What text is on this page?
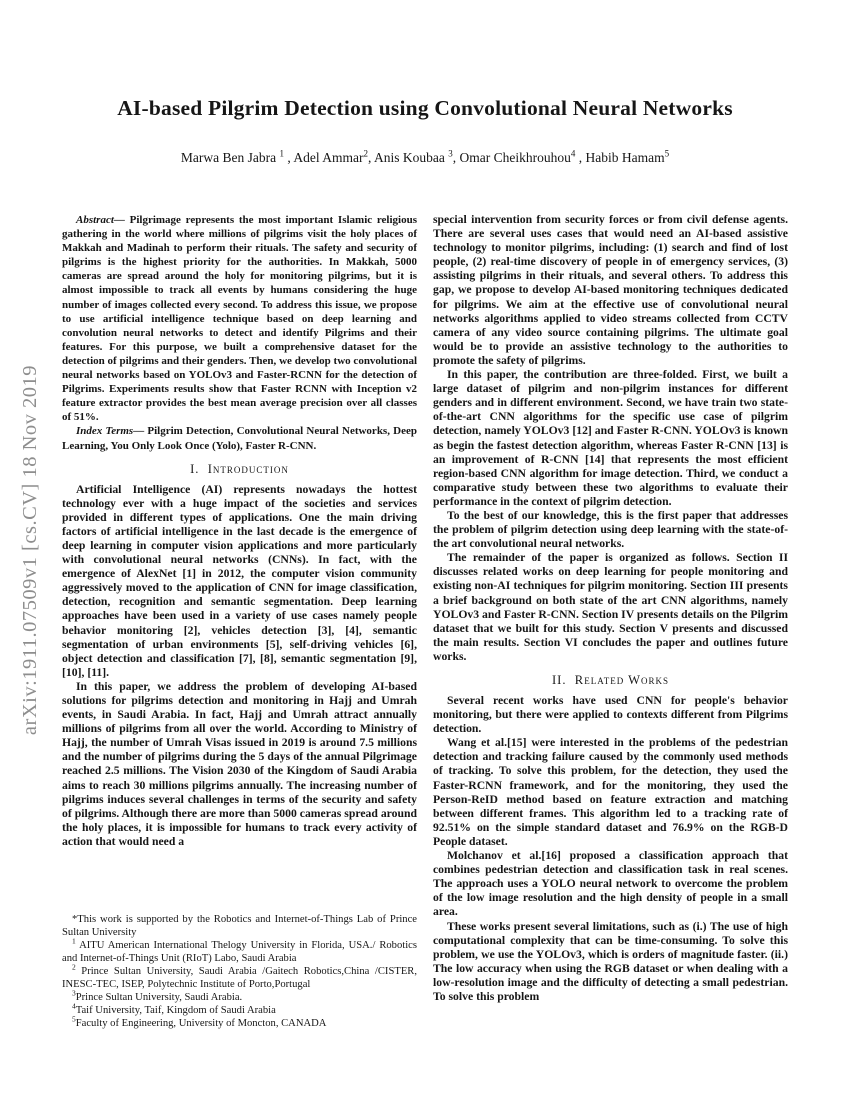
arXiv:1911.07509v1 [cs.CV] 18 Nov 2019
AI-based Pilgrim Detection using Convolutional Neural Networks
Marwa Ben Jabra $^1$ , Adel Ammar$^2$, Anis Koubaa $^3$, Omar Cheikhrouhou$^4$ , Habib Hamam$^5$

Abstract— Pilgrimage represents the most important Islamic religious gathering in the world where millions of pilgrims visit the holy places of Makkah and Madinah to perform their rituals. The safety and security of pilgrims is the highest priority for the authorities. In Makkah, 5000 cameras are spread around the holy for monitoring pilgrims, but it is almost impossible to track all events by humans considering the huge number of images collected every second. To address this issue, we propose to use artificial intelligence technique based on deep learning and convolution neural networks to detect and identify Pilgrims and their features. For this purpose, we built a comprehensive dataset for the detection of pilgrims and their genders. Then, we develop two convolutional neural networks based on YOLOv3 and Faster-RCNN for the detection of Pilgrims. Experiments results show that Faster RCNN with Inception v2 feature extractor provides the best mean average precision over all classes of 51%.

Index Terms— Pilgrim Detection, Convolutional Neural Networks, Deep Learning, You Only Look Once (Yolo), Faster R-CNN.

I.  Introduction

Artificial Intelligence (AI) represents nowadays the hottest technology ever with a huge impact of the societies and services provided in different types of applications. One the main driving factors of artificial intelligence in the last decade is the emergence of deep learning in computer vision applications and more particularly with convolutional neural networks (CNNs). In fact, with the emergence of AlexNet [1] in 2012, the computer vision community aggressively moved to the application of CNN for image classification, detection, recognition and semantic segmentation. Deep learning approaches have been used in a variety of use cases namely people behavior monitoring [2], vehicles detection [3], [4], semantic segmentation of urban environments [5], self-driving vehicles [6], object detection and classification [7], [8], semantic segmentation [9], [10], [11].

In this paper, we address the problem of developing AI-based solutions for pilgrims detection and monitoring in Hajj and Umrah events, in Saudi Arabia. In fact, Hajj and Umrah attract annually millions of pilgrims from all over the world. According to Ministry of Hajj, the number of Umrah Visas issued in 2019 is around 7.5 millions and the number of pilgrims during the 5 days of the annual Pilgrimage reached 2.5 millions. The Vision 2030 of the Kingdom of Saudi Arabia aims to reach 30 millions pilgrims annually. The increasing number of pilgrims induces several challenges in terms of the security and safety of pilgrims. Although there are more than 5000 cameras spread around the holy places, it is impossible for humans to track every activity of action that would need a

*This work is supported by the Robotics and Internet-of-Things Lab of Prince Sultan University
$^1$ AITU American International Thelogy University in Florida, USA./ Robotics and Internet-of-Things Unit (RIoT) Labo, Saudi Arabia
$^2$ Prince Sultan University, Saudi Arabia /Gaitech Robotics,China /CISTER, INESC-TEC, ISEP, Polytechnic Institute of Porto,Portugal
$^3$Prince Sultan University, Saudi Arabia.
$^4$Taif University, Taif, Kingdom of Saudi Arabia
$^5$Faculty of Engineering, University of Moncton, CANADA

special intervention from security forces or from civil defense agents. There are several uses cases that would need an AI-based assistive technology to monitor pilgrims, including: (1) search and find of lost people, (2) real-time discovery of people in of emergency services, (3) assisting pilgrims in their rituals, and several others. To address this gap, we propose to develop AI-based monitoring techniques dedicated for pilgrims. We aim at the effective use of convolutional neural networks algorithms applied to video streams collected from CCTV camera of any video source containing pilgrims. The ultimate goal would be to provide an assistive technology to the authorities to promote the safety of pilgrims.

In this paper, the contribution are three-folded. First, we built a large dataset of pilgrim and non-pilgrim instances for different genders and in different environment. Second, we have train two state-of-the-art CNN algorithms for the specific use case of pilgrim detection, namely YOLOv3 [12] and Faster R-CNN. YOLOv3 is known as begin the fastest detection algorithm, whereas Faster R-CNN [13] is an improvement of R-CNN [14] that represents the most efficient region-based CNN algorithm for image detection. Third, we conduct a comparative study between these two algorithms to evaluate their performance in the context of pilgrim detection.

To the best of our knowledge, this is the first paper that addresses the problem of pilgrim detection using deep learning with the state-of-the art convolutional neural networks.

The remainder of the paper is organized as follows. Section II discusses related works on deep learning for people monitoring and existing non-AI techniques for pilgrim monitoring. Section III presents a brief background on both state of the art CNN algorithms, namely YOLOv3 and Faster R-CNN. Section IV presents details on the Pilgrim dataset that we built for this study. Section V presents and discussed the main results. Section VI concludes the paper and outlines future works.

II.  Related Works

Several recent works have used CNN for people's behavior monitoring, but there were applied to contexts different from Pilgrims detection.

Wang et al.[15] were interested in the problems of the pedestrian detection and tracking failure caused by the commonly used methods of tracking. To solve this problem, for the detection, they used the Faster-RCNN framework, and for the monitoring, they used the Person-ReID method based on feature extraction and matching between different frames. This algorithm led to a tracking rate of 92.51% on the simple standard dataset and 76.9% on the RGB-D People dataset.

Molchanov et al.[16] proposed a classification approach that combines pedestrian detection and classification task in real scenes. The approach uses a YOLO neural network to overcome the problem of the low image resolution and the high density of people in a small area.

These works present several limitations, such as (i.) The use of high computational complexity that can be time-consuming. To solve this problem, we use the YOLOv3, which is orders of magnitude faster. (ii.) The low accuracy when using the RGB dataset or when dealing with a low-resolution image and the difficulty of detecting a small pedestrian. To solve this problem
